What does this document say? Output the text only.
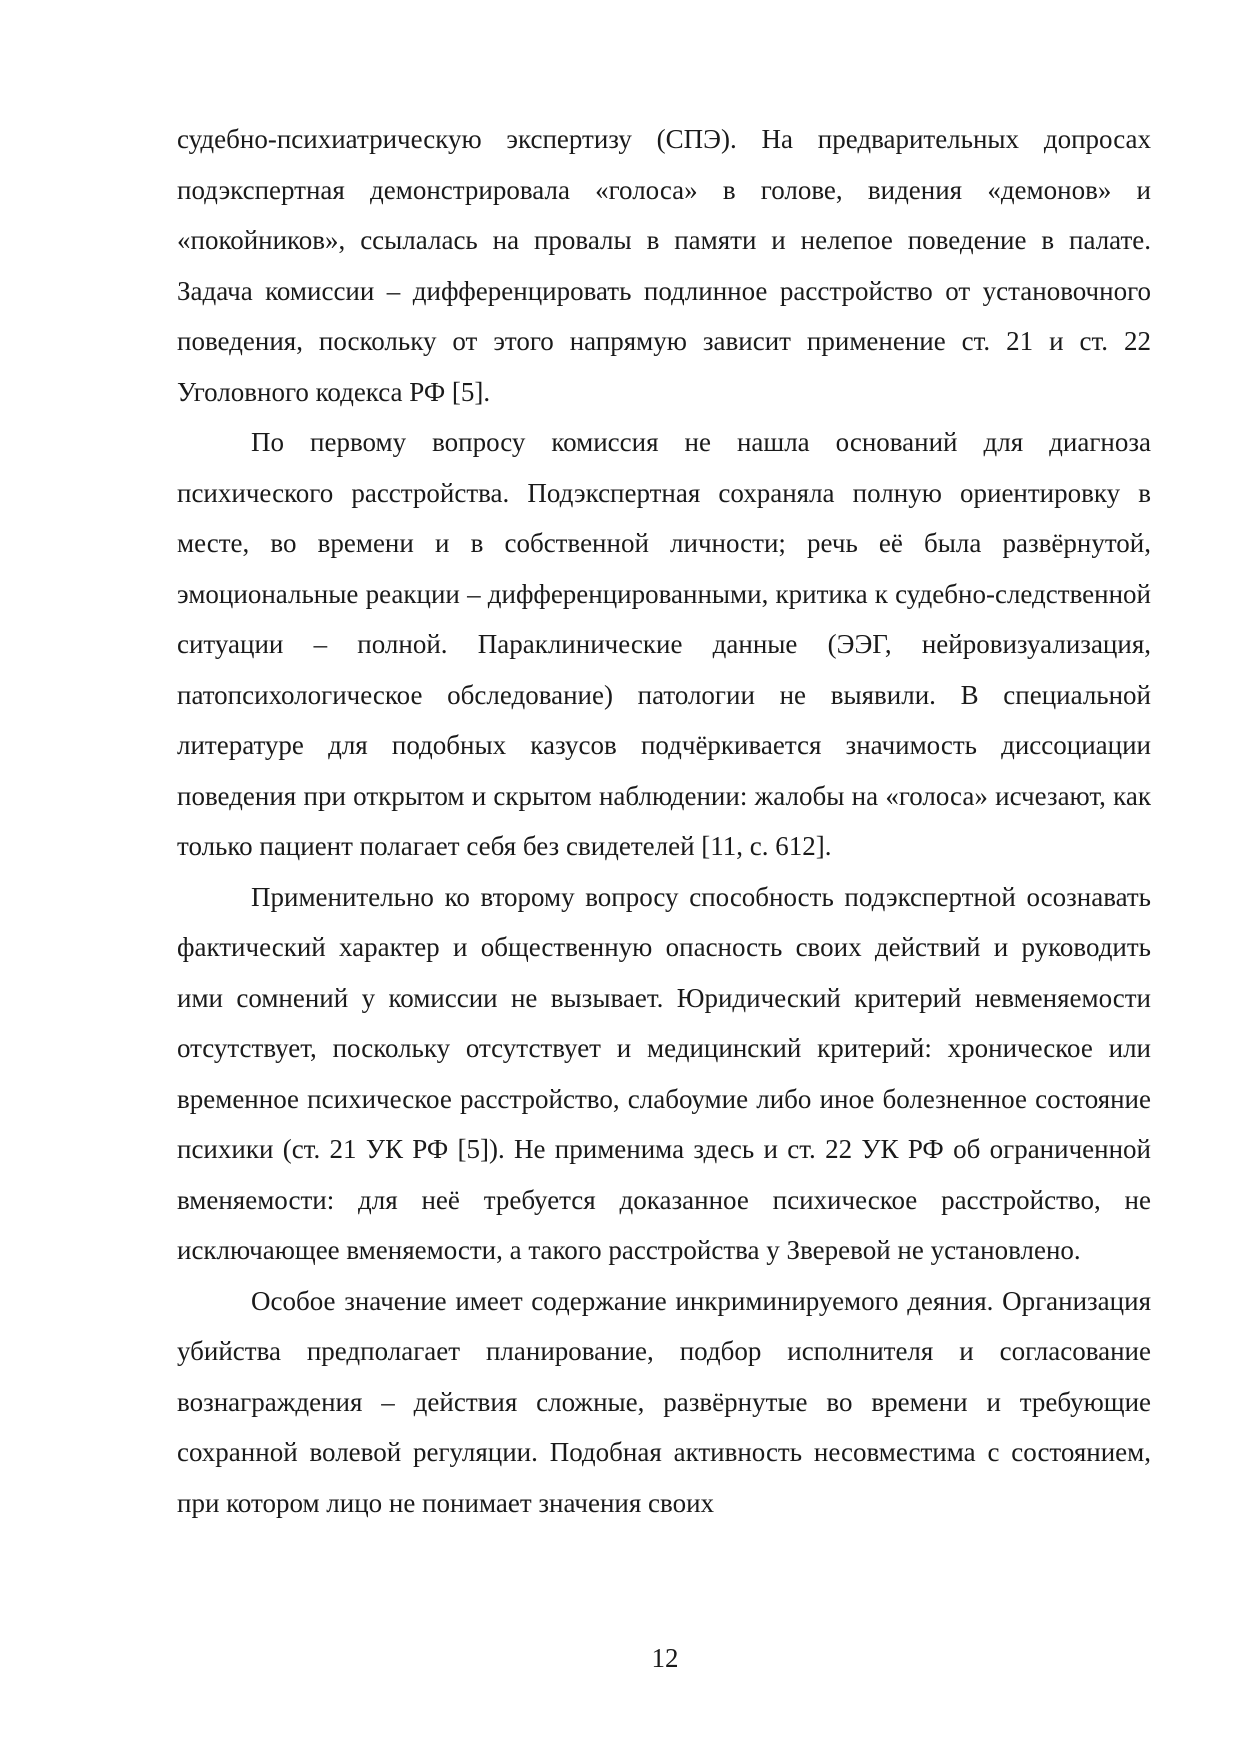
судебно-психиатрическую экспертизу (СПЭ). На предварительных допросах подэкспертная демонстрировала «голоса» в голове, видения «демонов» и «покойников», ссылалась на провалы в памяти и нелепое поведение в палате. Задача комиссии – дифференцировать подлинное расстройство от установочного поведения, поскольку от этого напрямую зависит применение ст. 21 и ст. 22 Уголовного кодекса РФ [5].

По первому вопросу комиссия не нашла оснований для диагноза психического расстройства. Подэкспертная сохраняла полную ориентировку в месте, во времени и в собственной личности; речь её была развёрнутой, эмоциональные реакции – дифференцированными, критика к судебно-следственной ситуации – полной. Параклинические данные (ЭЭГ, нейровизуализация, патопсихологическое обследование) патологии не выявили. В специальной литературе для подобных казусов подчёркивается значимость диссоциации поведения при открытом и скрытом наблюдении: жалобы на «голоса» исчезают, как только пациент полагает себя без свидетелей [11, с. 612].

Применительно ко второму вопросу способность подэкспертной осознавать фактический характер и общественную опасность своих действий и руководить ими сомнений у комиссии не вызывает. Юридический критерий невменяемости отсутствует, поскольку отсутствует и медицинский критерий: хроническое или временное психическое расстройство, слабоумие либо иное болезненное состояние психики (ст. 21 УК РФ [5]). Не применима здесь и ст. 22 УК РФ об ограниченной вменяемости: для неё требуется доказанное психическое расстройство, не исключающее вменяемости, а такого расстройства у Зверевой не установлено.

Особое значение имеет содержание инкриминируемого деяния. Организация убийства предполагает планирование, подбор исполнителя и согласование вознаграждения – действия сложные, развёрнутые во времени и требующие сохранной волевой регуляции. Подобная активность несовместима с состоянием, при котором лицо не понимает значения своих

12
